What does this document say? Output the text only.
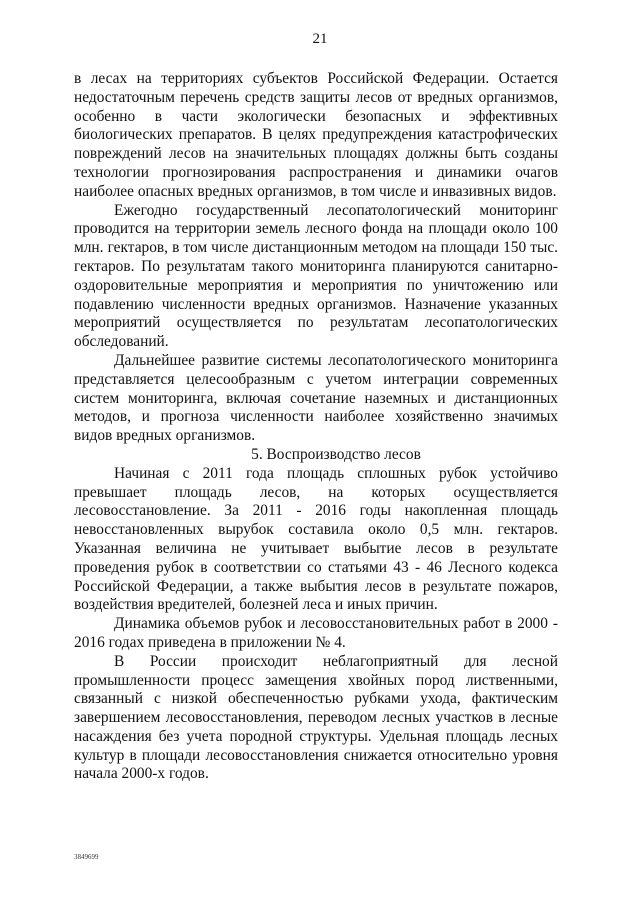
21

в лесах на территориях субъектов Российской Федерации. Остается недостаточным перечень средств защиты лесов от вредных организмов, особенно в части экологически безопасных и эффективных биологических препаратов. В целях предупреждения катастрофических повреждений лесов на значительных площадях должны быть созданы технологии прогнозирования распространения и динамики очагов наиболее опасных вредных организмов, в том числе и инвазивных видов.

Ежегодно государственный лесопатологический мониторинг проводится на территории земель лесного фонда на площади около 100 млн. гектаров, в том числе дистанционным методом на площади 150 тыс. гектаров. По результатам такого мониторинга планируются санитарно-оздоровительные мероприятия и мероприятия по уничтожению или подавлению численности вредных организмов. Назначение указанных мероприятий осуществляется по результатам лесопатологических обследований.

Дальнейшее развитие системы лесопатологического мониторинга представляется целесообразным с учетом интеграции современных систем мониторинга, включая сочетание наземных и дистанционных методов, и прогноза численности наиболее хозяйственно значимых видов вредных организмов.

5. Воспроизводство лесов

Начиная с 2011 года площадь сплошных рубок устойчиво превышает площадь лесов, на которых осуществляется лесовосстановление. За 2011 - 2016 годы накопленная площадь невосстановленных вырубок составила около 0,5 млн. гектаров. Указанная величина не учитывает выбытие лесов в результате проведения рубок в соответствии со статьями 43 - 46 Лесного кодекса Российской Федерации, а также выбытия лесов в результате пожаров, воздействия вредителей, болезней леса и иных причин.

Динамика объемов рубок и лесовосстановительных работ в 2000 - 2016 годах приведена в приложении № 4.

В России происходит неблагоприятный для лесной промышленности процесс замещения хвойных пород лиственными, связанный с низкой обеспеченностью рубками ухода, фактическим завершением лесовосстановления, переводом лесных участков в лесные насаждения без учета породной структуры. Удельная площадь лесных культур в площади лесовосстановления снижается относительно уровня начала 2000-х годов.

3849699
